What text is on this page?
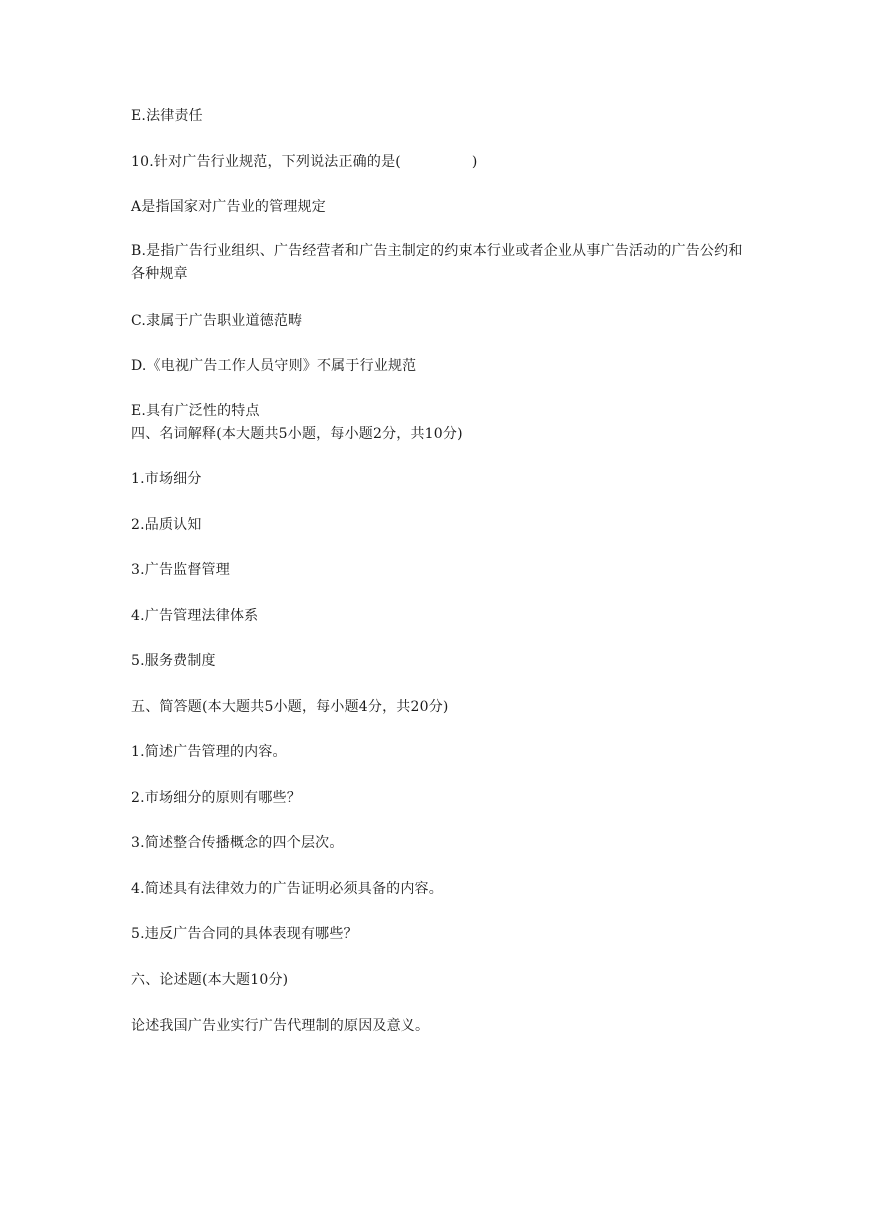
E.法律责任
10.针对广告行业规范，下列说法正确的是(　　　　　)
A是指国家对广告业的管理规定
B.是指广告行业组织、广告经营者和广告主制定的约束本行业或者企业从事广告活动的广告公约和各种规章
C.隶属于广告职业道德范畴
D.《电视广告工作人员守则》不属于行业规范
E.具有广泛性的特点
四、名词解释(本大题共5小题，每小题2分，共10分)
1.市场细分
2.品质认知
3.广告监督管理
4.广告管理法律体系
5.服务费制度
五、简答题(本大题共5小题，每小题4分，共20分)
1.简述广告管理的内容。
2.市场细分的原则有哪些？
3.简述整合传播概念的四个层次。
4.简述具有法律效力的广告证明必须具备的内容。
5.违反广告合同的具体表现有哪些？
六、论述题(本大题10分)
论述我国广告业实行广告代理制的原因及意义。
